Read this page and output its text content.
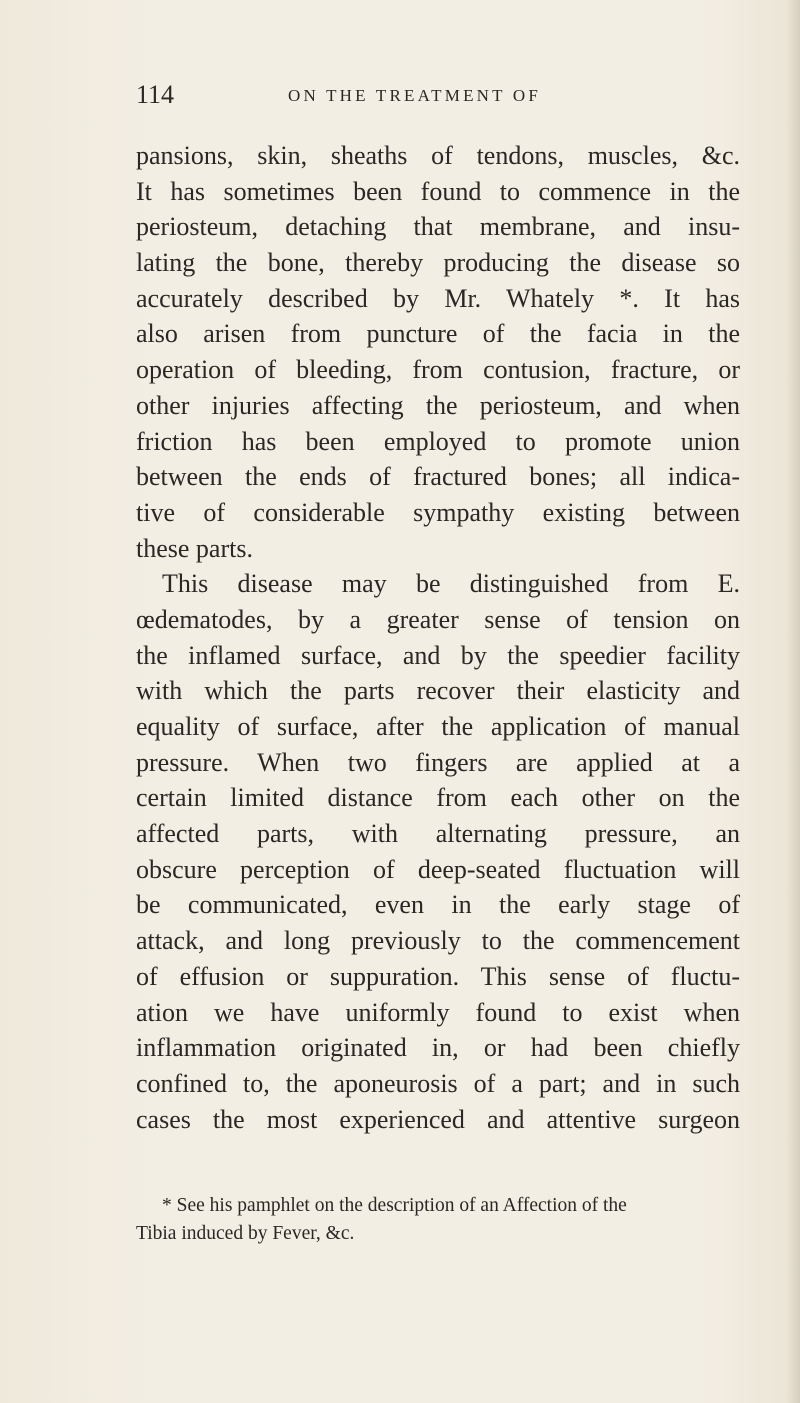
114	ON THE TREATMENT OF
pansions, skin, sheaths of tendons, muscles, &c.
It has sometimes been found to commence in the
periosteum, detaching that membrane, and insu-
lating the bone, thereby producing the disease so
accurately described by Mr. Whately *. It has
also arisen from puncture of the facia in the
operation of bleeding, from contusion, fracture, or
other injuries affecting the periosteum, and when
friction has been employed to promote union
between the ends of fractured bones; all indica-
tive of considerable sympathy existing between
these parts.
This disease may be distinguished from E.
œdematodes, by a greater sense of tension on
the inflamed surface, and by the speedier facility
with which the parts recover their elasticity and
equality of surface, after the application of manual
pressure. When two fingers are applied at a
certain limited distance from each other on the
affected parts, with alternating pressure, an
obscure perception of deep-seated fluctuation will
be communicated, even in the early stage of
attack, and long previously to the commencement
of effusion or suppuration. This sense of fluctu-
ation we have uniformly found to exist when
inflammation originated in, or had been chiefly
confined to, the aponeurosis of a part; and in such
cases the most experienced and attentive surgeon
* See his pamphlet on the description of an Affection of the
Tibia induced by Fever, &c.
